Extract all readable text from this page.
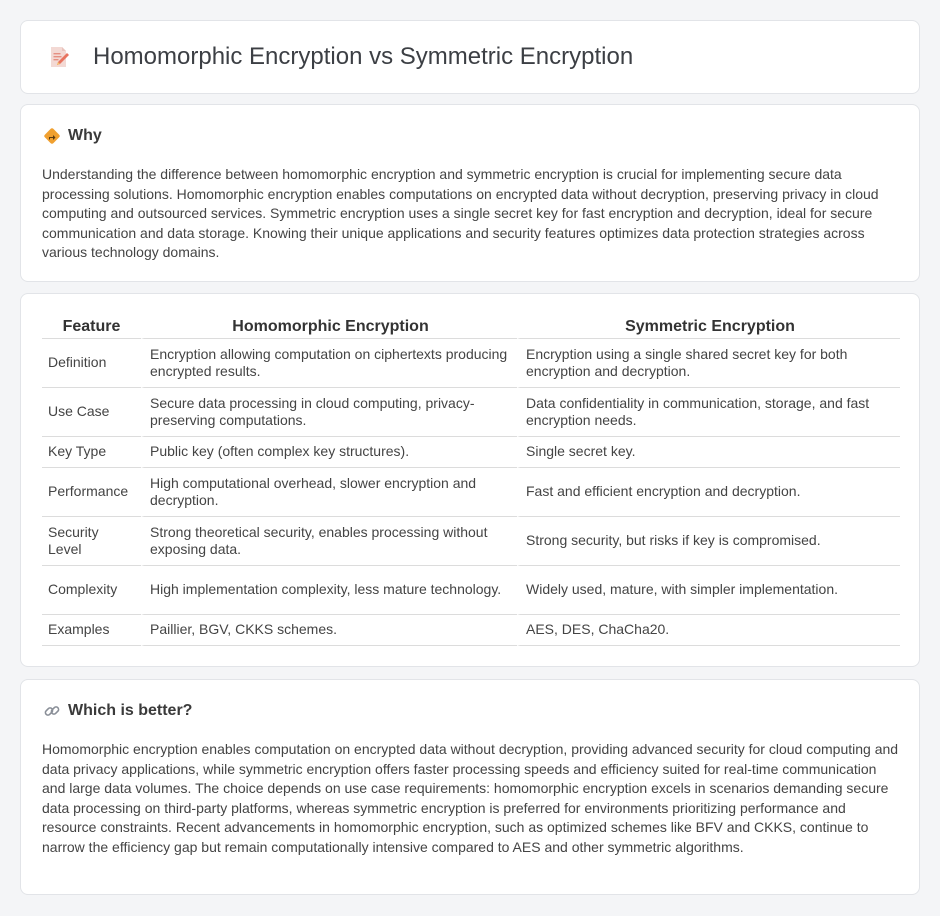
Homomorphic Encryption vs Symmetric Encryption
Why

Understanding the difference between homomorphic encryption and symmetric encryption is crucial for implementing secure data processing solutions. Homomorphic encryption enables computations on encrypted data without decryption, preserving privacy in cloud computing and outsourced services. Symmetric encryption uses a single secret key for fast encryption and decryption, ideal for secure communication and data storage. Knowing their unique applications and security features optimizes data protection strategies across various technology domains.

Feature	Homomorphic Encryption	Symmetric Encryption
Definition	Encryption allowing computation on ciphertexts producing encrypted results.	Encryption using a single shared secret key for both encryption and decryption.
Use Case	Secure data processing in cloud computing, privacy-preserving computations.	Data confidentiality in communication, storage, and fast encryption needs.
Key Type	Public key (often complex key structures).	Single secret key.
Performance	High computational overhead, slower encryption and decryption.	Fast and efficient encryption and decryption.
Security Level	Strong theoretical security, enables processing without exposing data.	Strong security, but risks if key is compromised.
Complexity	High implementation complexity, less mature technology.	Widely used, mature, with simpler implementation.
Examples	Paillier, BGV, CKKS schemes.	AES, DES, ChaCha20.
Which is better?

Homomorphic encryption enables computation on encrypted data without decryption, providing advanced security for cloud computing and data privacy applications, while symmetric encryption offers faster processing speeds and efficiency suited for real-time communication and large data volumes. The choice depends on use case requirements: homomorphic encryption excels in scenarios demanding secure data processing on third-party platforms, whereas symmetric encryption is preferred for environments prioritizing performance and resource constraints. Recent advancements in homomorphic encryption, such as optimized schemes like BFV and CKKS, continue to narrow the efficiency gap but remain computationally intensive compared to AES and other symmetric algorithms.
